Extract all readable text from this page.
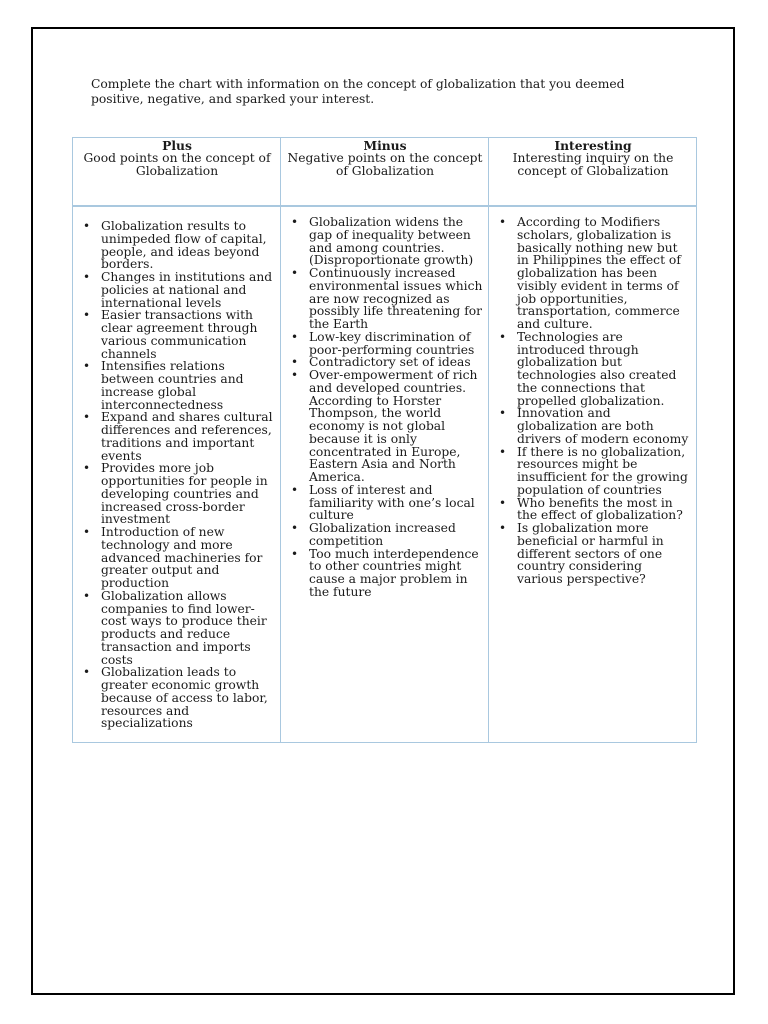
Complete the chart with information on the concept of globalization that you deemed positive, negative, and sparked your interest.

Plus
Good points on the concept of Globalization
Minus
Negative points on the concept of Globalization
Interesting
Interesting inquiry on the concept of Globalization
• Globalization results to unimpeded flow of capital, people, and ideas beyond borders.
• Changes in institutions and policies at national and international levels
• Easier transactions with clear agreement through various communication channels
• Intensifies relations between countries and increase global interconnectedness
• Expand and shares cultural differences and references, traditions and important events
• Provides more job opportunities for people in developing countries and increased cross-border investment
• Introduction of new technology and more advanced machineries for greater output and production
• Globalization allows companies to find lower-cost ways to produce their products and reduce transaction and imports costs
• Globalization leads to greater economic growth because of access to labor, resources and specializations
• Globalization widens the gap of inequality between and among countries. (Disproportionate growth)
• Continuously increased environmental issues which are now recognized as possibly life threatening for the Earth
• Low-key discrimination of poor-performing countries
• Contradictory set of ideas
• Over-empowerment of rich and developed countries. According to Horster Thompson, the world economy is not global because it is only concentrated in Europe, Eastern Asia and North America.
• Loss of interest and familiarity with one’s local culture
• Globalization increased competition
• Too much interdependence to other countries might cause a major problem in the future
• According to Modifiers scholars, globalization is basically nothing new but in Philippines the effect of globalization has been visibly evident in terms of job opportunities, transportation, commerce and culture.
• Technologies are introduced through globalization but technologies also created the connections that propelled globalization.
• Innovation and globalization are both drivers of modern economy
• If there is no globalization, resources might be insufficient for the growing population of countries
• Who benefits the most in the effect of globalization?
• Is globalization more beneficial or harmful in different sectors of one country considering various perspective?
